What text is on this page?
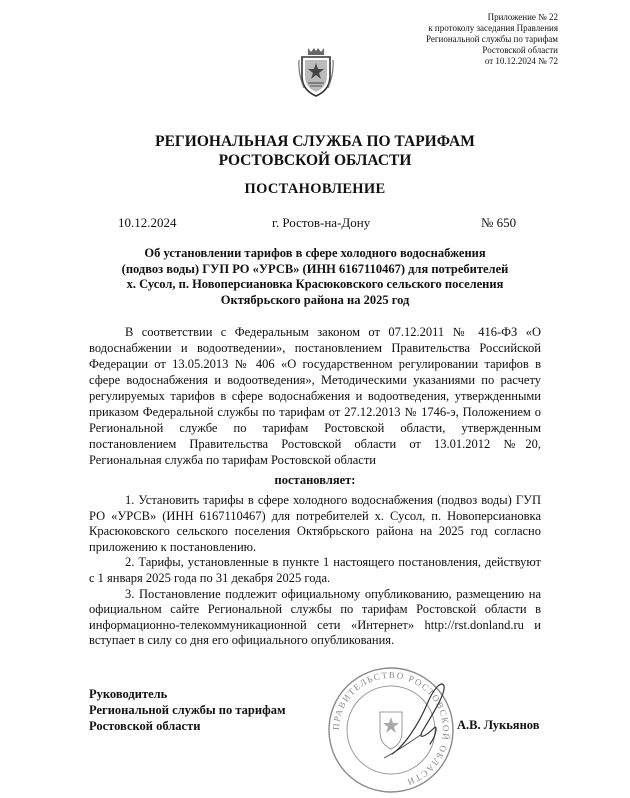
Приложение № 22
к протоколу заседания Правления
Региональной службы по тарифам
Ростовской области
от 10.12.2024 № 72
РЕГИОНАЛЬНАЯ СЛУЖБА ПО ТАРИФАМ
РОСТОВСКОЙ ОБЛАСТИ
ПОСТАНОВЛЕНИЕ
10.12.2024	г. Ростов-на-Дону	№ 650
Об установлении тарифов в сфере холодного водоснабжения
(подвоз воды) ГУП РО «УРСВ» (ИНН 6167110467) для потребителей
х. Сусол, п. Новоперсиановка Красюковского сельского поселения
Октябрьского района на 2025 год

В соответствии с Федеральным законом от 07.12.2011 № 416-ФЗ «О водоснабжении и водоотведении», постановлением Правительства Российской Федерации от 13.05.2013 № 406 «О государственном регулировании тарифов в сфере водоснабжения и водоотведения», Методическими указаниями по расчету регулируемых тарифов в сфере водоснабжения и водоотведения, утвержденными приказом Федеральной службы по тарифам от 27.12.2013 № 1746-э, Положением о Региональной службе по тарифам Ростовской области, утвержденным постановлением Правительства Ростовской области от 13.01.2012 №20, Региональная служба по тарифам Ростовской области

постановляет:

1. Установить тарифы в сфере холодного водоснабжения (подвоз воды) ГУП РО «УРСВ» (ИНН 6167110467) для потребителей х. Сусол, п. Новоперсиановка Красюковского сельского поселения Октябрьского района на 2025 год согласно приложению к постановлению.

2. Тарифы, установленные в пункте 1 настоящего постановления, действуют с 1 января 2025 года по 31 декабря 2025 года.

3. Постановление подлежит официальному опубликованию, размещению на официальном сайте Региональной службы по тарифам Ростовской области в информационно-телекоммуникационной сети «Интернет» http://rst.donland.ru и вступает в силу со дня его официального опубликования.

ПРАВИТЕЛЬСТВО РОСТОВСКОЙ ОБЛАСТИ
Руководитель
Региональной службы по тарифам
Ростовской области	А.В. Лукьянов
